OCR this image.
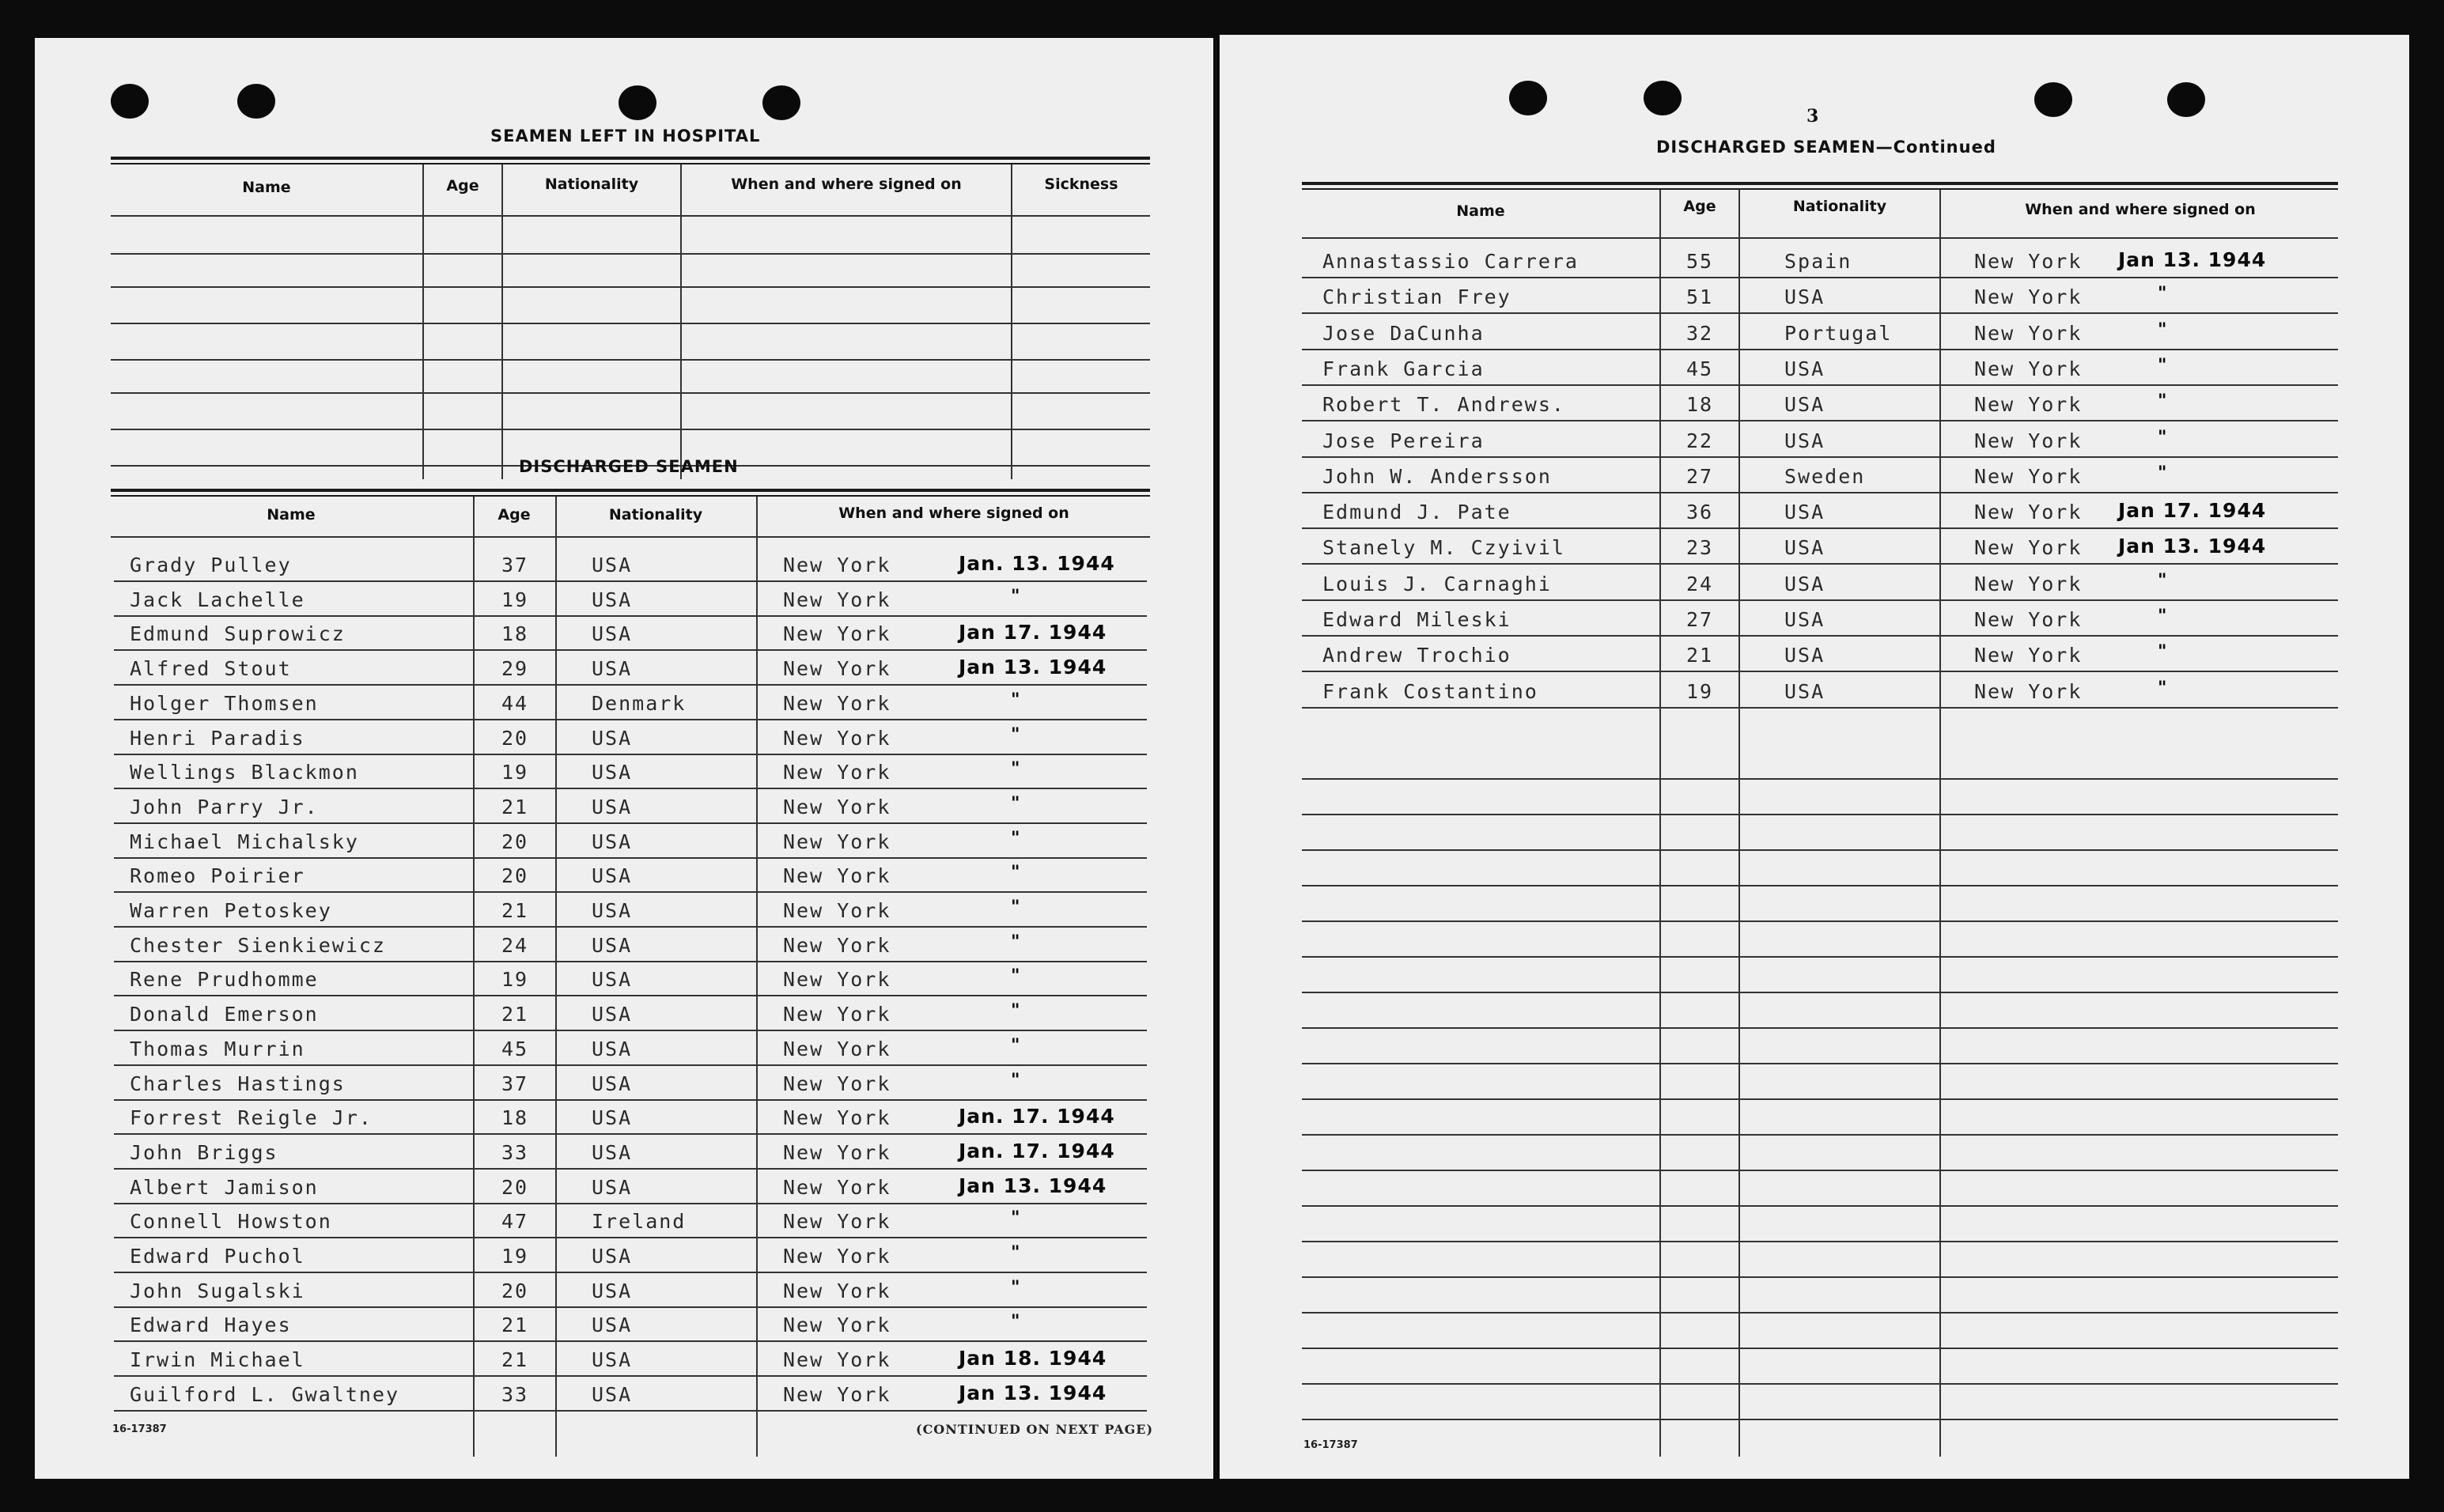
SEAMEN LEFT IN HOSPITAL
Name	Age	Nationality	When and where signed on	Sickness
DISCHARGED SEAMEN
Name	Age	Nationality	When and where signed on
Grady Pulley	37	USA	New York	Jan. 13. 1944
Jack Lachelle	19	USA	New York	"
Edmund Suprowicz	18	USA	New York	Jan 17. 1944
Alfred Stout	29	USA	New York	Jan 13. 1944
Holger Thomsen	44	Denmark	New York	"
Henri Paradis	20	USA	New York	"
Wellings Blackmon	19	USA	New York	"
John Parry Jr.	21	USA	New York	"
Michael Michalsky	20	USA	New York	"
Romeo Poirier	20	USA	New York	"
Warren Petoskey	21	USA	New York	"
Chester Sienkiewicz	24	USA	New York	"
Rene Prudhomme	19	USA	New York	"
Donald Emerson	21	USA	New York	"
Thomas Murrin	45	USA	New York	"
Charles Hastings	37	USA	New York	"
Forrest Reigle Jr.	18	USA	New York	Jan. 17. 1944
John Briggs	33	USA	New York	Jan. 17. 1944
Albert Jamison	20	USA	New York	Jan 13. 1944
Connell Howston	47	Ireland	New York	"
Edward Puchol	19	USA	New York	"
John Sugalski	20	USA	New York	"
Edward Hayes	21	USA	New York	"
Irwin Michael	21	USA	New York	Jan 18. 1944
Guilford L. Gwaltney	33	USA	New York	Jan 13. 1944
16-17387	(CONTINUED ON NEXT PAGE)
3
DISCHARGED SEAMEN—Continued
Name	Age	Nationality	When and where signed on
Annastassio Carrera	55	Spain	New York Jan 13. 1944
Christian Frey	51	USA	New York	"
Jose DaCunha	32	Portugal	New York	"
Frank Garcia	45	USA	New York	"
Robert T. Andrews.	18	USA	New York	"
Jose Pereira	22	USA	New York	"
John W. Andersson	27	Sweden	New York	"
Edmund J. Pate	36	USA	New York Jan 17. 1944
Stanely M. Czyivil	23	USA	New York Jan 13. 1944
Louis J. Carnaghi	24	USA	New York	"
Edward Mileski	27	USA	New York	"
Andrew Trochio	21	USA	New York	"
Frank Costantino	19	USA	New York	"
16-17387
